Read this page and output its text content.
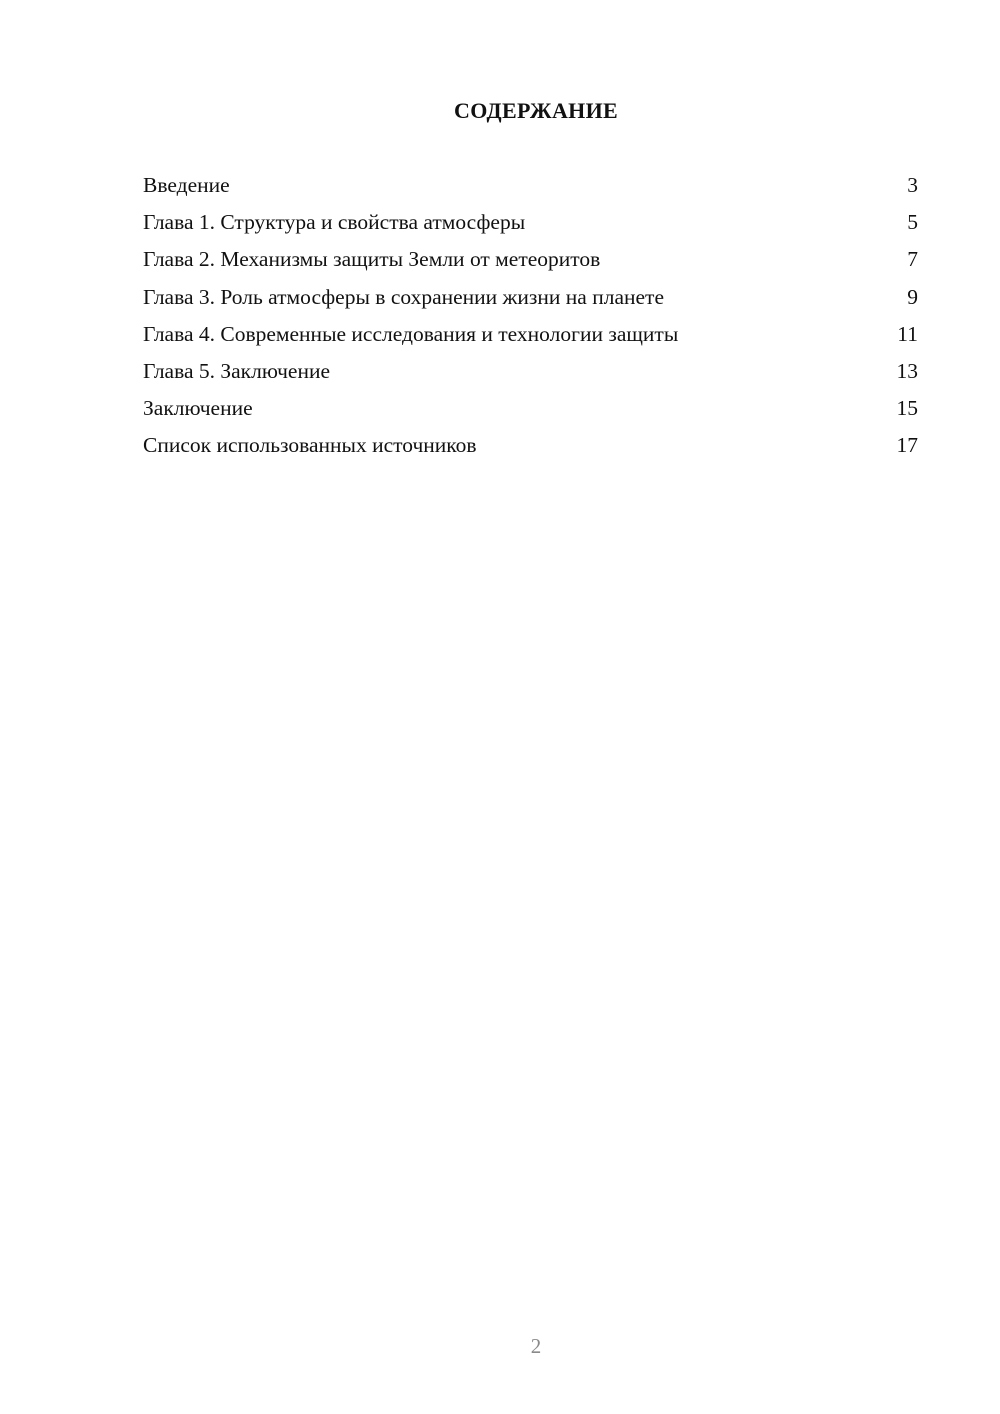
СОДЕРЖАНИЕ
Введение	3
Глава 1. Структура и свойства атмосферы	5
Глава 2. Механизмы защиты Земли от метеоритов	7
Глава 3. Роль атмосферы в сохранении жизни на планете	9
Глава 4. Современные исследования и технологии защиты	11
Глава 5. Заключение	13
Заключение	15
Список использованных источников	17
2
